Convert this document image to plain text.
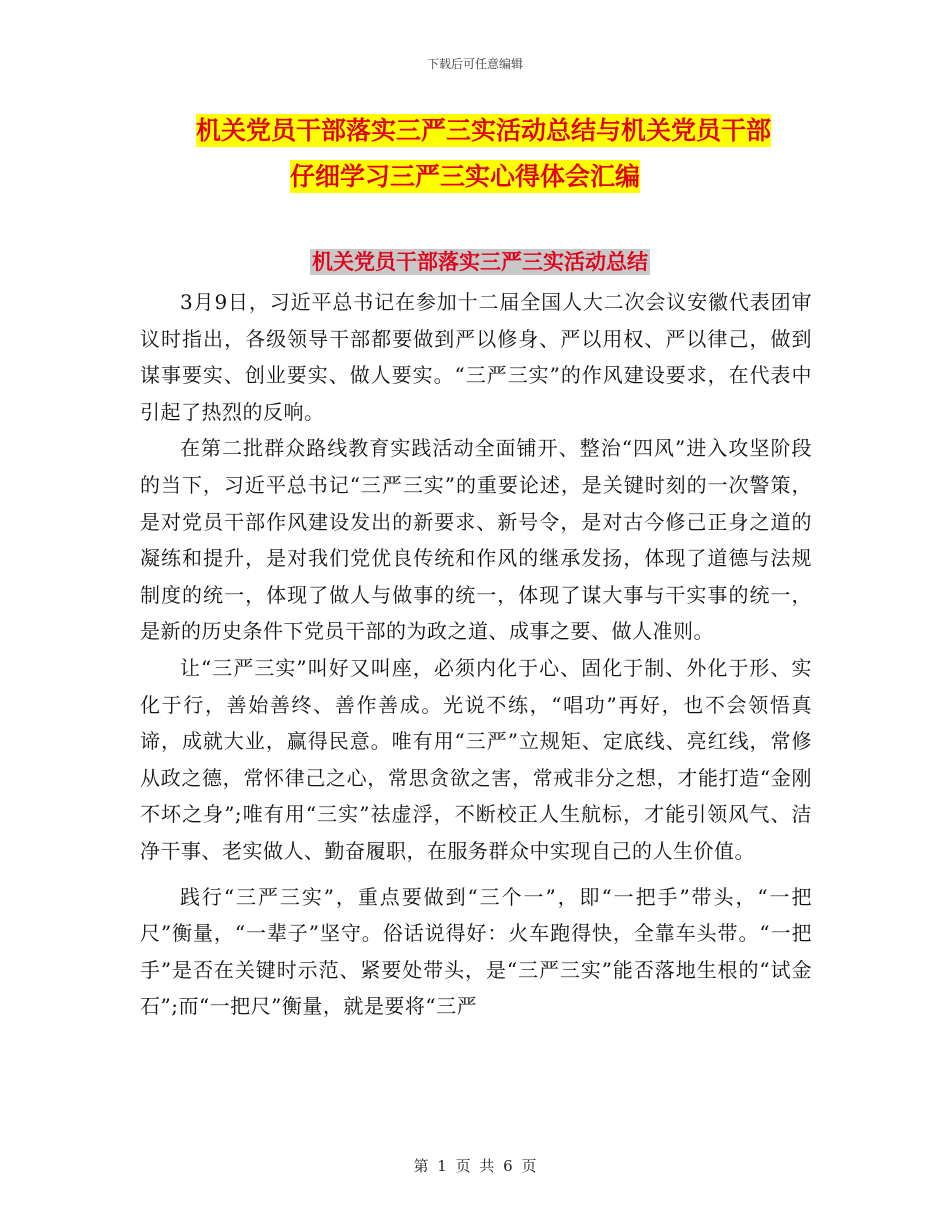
下载后可任意编辑
机关党员干部落实三严三实活动总结与机关党员干部
仔细学习三严三实心得体会汇编
机关党员干部落实三严三实活动总结

3月9日，习近平总书记在参加十二届全国人大二次会议安徽代表团审议时指出，各级领导干部都要做到严以修身、严以用权、严以律己，做到谋事要实、创业要实、做人要实。“三严三实”的作风建设要求，在代表中引起了热烈的反响。

在第二批群众路线教育实践活动全面铺开、整治“四风”进入攻坚阶段的当下，习近平总书记“三严三实”的重要论述，是关键时刻的一次警策，是对党员干部作风建设发出的新要求、新号令，是对古今修己正身之道的凝练和提升，是对我们党优良传统和作风的继承发扬，体现了道德与法规制度的统一，体现了做人与做事的统一，体现了谋大事与干实事的统一，是新的历史条件下党员干部的为政之道、成事之要、做人准则。

让“三严三实”叫好又叫座，必须内化于心、固化于制、外化于形、实化于行，善始善终、善作善成。光说不练，“唱功”再好，也不会领悟真谛，成就大业，赢得民意。唯有用“三严”立规矩、定底线、亮红线，常修从政之德，常怀律己之心，常思贪欲之害，常戒非分之想，才能打造“金刚不坏之身”;唯有用“三实”祛虚浮，不断校正人生航标，才能引领风气、洁净干事、老实做人、勤奋履职，在服务群众中实现自己的人生价值。

践行“三严三实”，重点要做到“三个一”，即“一把手”带头，“一把尺”衡量，“一辈子”坚守。俗话说得好：火车跑得快，全靠车头带。“一把手”是否在关键时示范、紧要处带头，是“三严三实”能否落地生根的“试金石”;而“一把尺”衡量，就是要将“三严

第 1 页 共 6 页
